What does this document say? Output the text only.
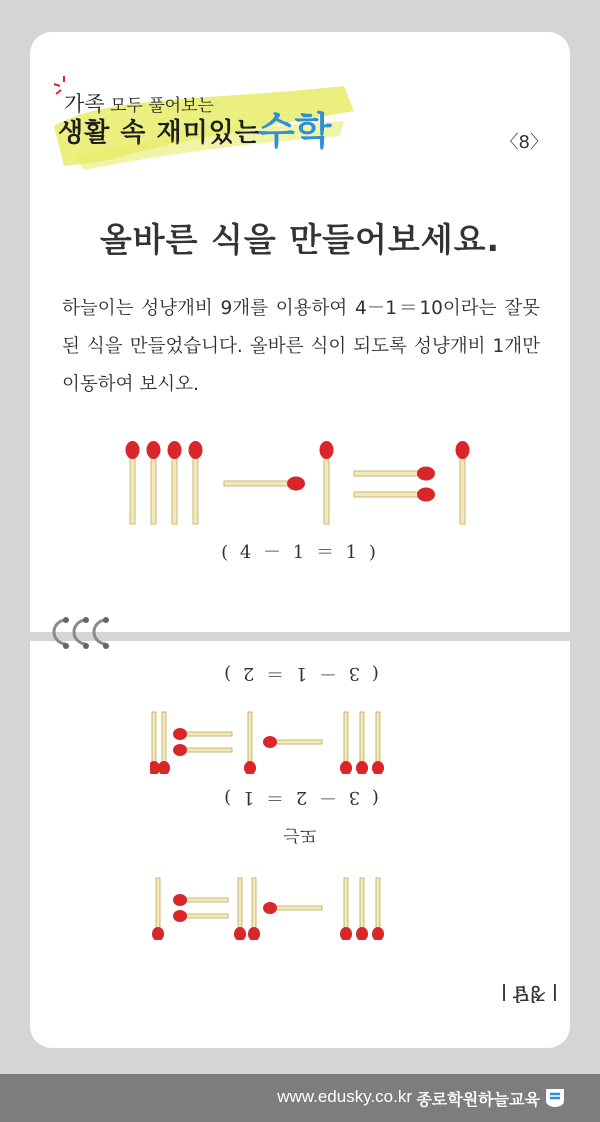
가족 모두 풀어보는
생활 속 재미있는
수학	〈8〉
올바른 식을 만들어보세요.
하늘이는 성냥개비 9개를 이용하여 4－1＝10이라는 잘못된 식을 만들었습니다. 올바른 식이 되도록 성냥개비 1개만 이동하여 보시오.
( 4 － 1 ＝ 1 )
( 3 － 1 ＝ 2 )
또는
( 3 － 2 ＝ 1 )
| 정답 |
www.edusky.co.kr 종로학원하늘교육
